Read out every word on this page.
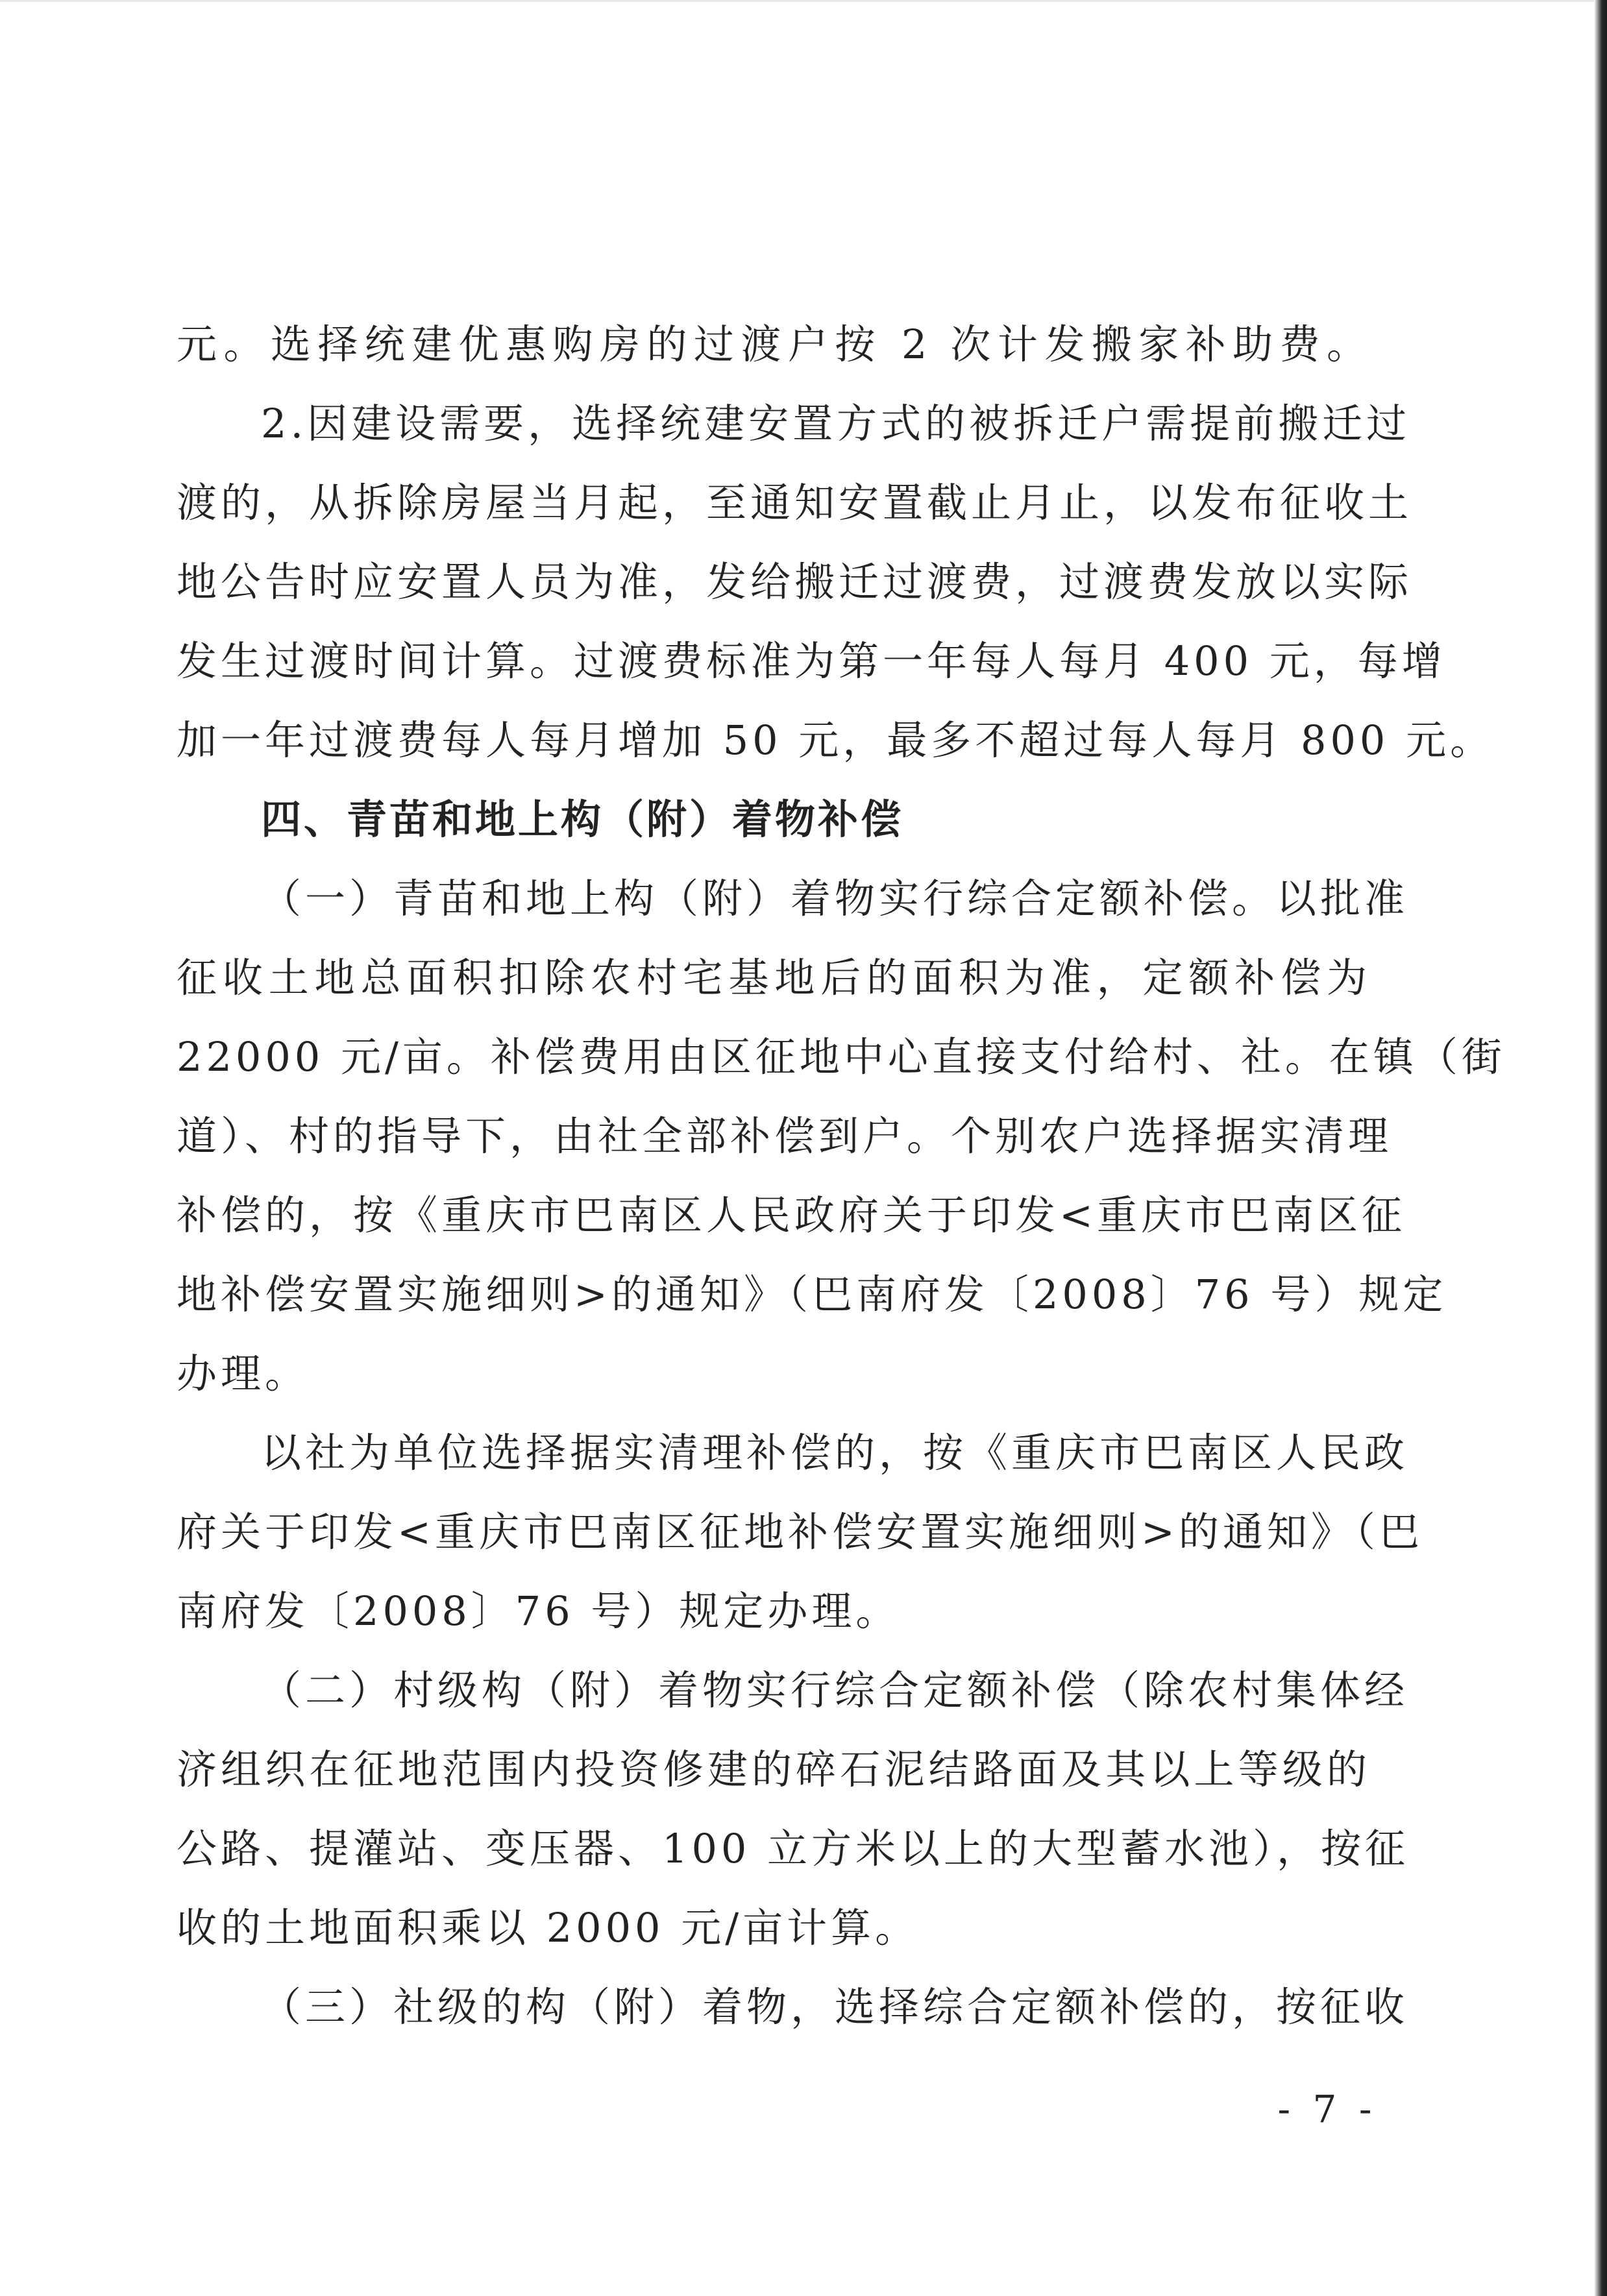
元。选择统建优惠购房的过渡户按 2 次计发搬家补助费。
2.因建设需要，选择统建安置方式的被拆迁户需提前搬迁过
渡的，从拆除房屋当月起，至通知安置截止月止，以发布征收土
地公告时应安置人员为准，发给搬迁过渡费，过渡费发放以实际
发生过渡时间计算。过渡费标准为第一年每人每月 400 元，每增
加一年过渡费每人每月增加 50 元，最多不超过每人每月 800 元。
四、青苗和地上构（附）着物补偿
（一）青苗和地上构（附）着物实行综合定额补偿。以批准
征收土地总面积扣除农村宅基地后的面积为准，定额补偿为
22000 元/亩。补偿费用由区征地中心直接支付给村、社。在镇（街
道）、村的指导下，由社全部补偿到户。个别农户选择据实清理
补偿的，按《重庆市巴南区人民政府关于印发<重庆市巴南区征
地补偿安置实施细则>的通知》（巴南府发〔2008〕76 号）规定
办理。
以社为单位选择据实清理补偿的，按《重庆市巴南区人民政
府关于印发<重庆市巴南区征地补偿安置实施细则>的通知》（巴
南府发〔2008〕76 号）规定办理。
（二）村级构（附）着物实行综合定额补偿（除农村集体经
济组织在征地范围内投资修建的碎石泥结路面及其以上等级的
公路、提灌站、变压器、100 立方米以上的大型蓄水池），按征
收的土地面积乘以 2000 元/亩计算。
（三）社级的构（附）着物，选择综合定额补偿的，按征收
- 7 -
